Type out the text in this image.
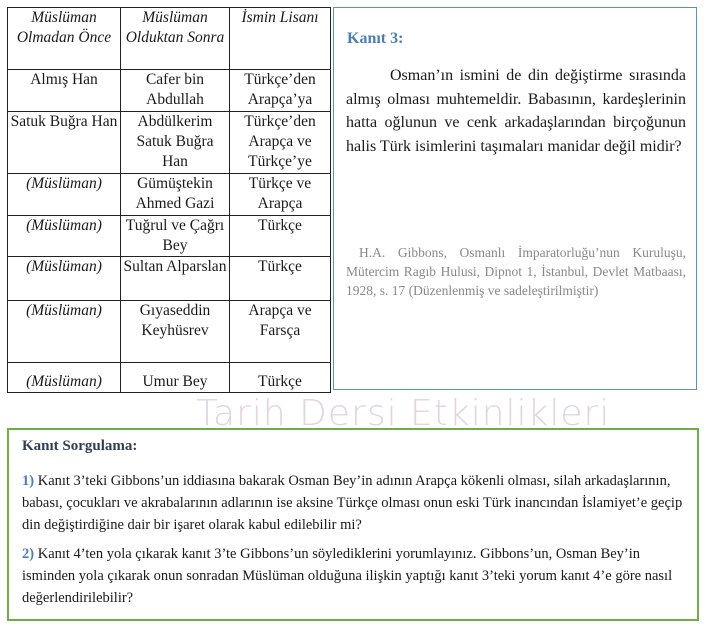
Müslüman Olmadan Önce	Müslüman Olduktan Sonra	İsmin Lisanı
Almış Han	Cafer bin Abdullah	Türkçe’den Arapça’ya
Satuk Buğra Han	Abdülkerim Satuk Buğra Han	Türkçe’den Arapça ve Türkçe’ye
(Müslüman)	Gümüştekin Ahmed Gazi	Türkçe ve Arapça
(Müslüman)	Tuğrul ve Çağrı Bey	Türkçe
(Müslüman)	Sultan Alparslan	Türkçe
(Müslüman)	Gıyaseddin Keyhüsrev	Arapça ve Farsça
(Müslüman)	Umur Bey	Türkçe
Kanıt 3:
Osman’ın ismini de din değiştirme sırasında almış olması muhtemeldir. Babasının, kardeşlerinin hatta oğlunun ve cenk arkadaşlarından birçoğunun halis Türk isimlerini taşımaları manidar değil midir?
H.A. Gibbons, Osmanlı İmparatorluğu’nun Kuruluşu, Mütercim Ragıb Hulusi, Dipnot 1, İstanbul, Devlet Matbaası, 1928, s. 17 (Düzenlenmiş ve sadeleştirilmiştir)
Tarih Dersi Etkinlikleri
Kanıt Sorgulama:
1) Kanıt 3’teki Gibbons’un iddiasına bakarak Osman Bey’in adının Arapça kökenli olması, silah arkadaşlarının, babası, çocukları ve akrabalarının adlarının ise aksine Türkçe olması onun eski Türk inancından İslamiyet’e geçip din değiştirdiğine dair bir işaret olarak kabul edilebilir mi?
2) Kanıt 4’ten yola çıkarak kanıt 3’te Gibbons’un söylediklerini yorumlayınız. Gibbons’un, Osman Bey’in isminden yola çıkarak onun sonradan Müslüman olduğuna ilişkin yaptığı kanıt 3’teki yorum kanıt 4’e göre nasıl değerlendirilebilir?
